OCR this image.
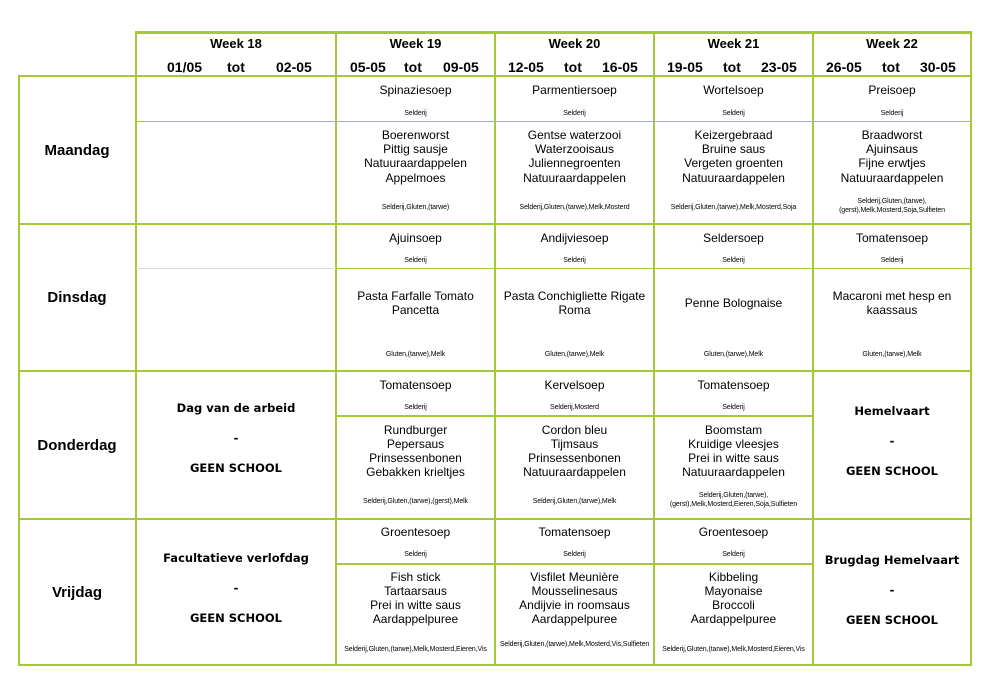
Week 18
01/05 tot 02-05
Week 19
05-05 tot 09-05
Week 20
12-05 tot 16-05
Week 21
19-05 tot 23-05
Week 22
26-05 tot 30-05
Maandag
Dinsdag
Donderdag
Vrijdag
Spinaziesoep
Selderij
Boerenworst
Pittig sausje
Natuuraardappelen
Appelmoes
Selderij,Gluten,(tarwe)
Parmentiersoep
Selderij
Gentse waterzooi
Waterzooisaus
Juliennegroenten
Natuuraardappelen
Selderij,Gluten,(tarwe),Melk,Mosterd
Wortelsoep
Selderij
Keizergebraad
Bruine saus
Vergeten groenten
Natuuraardappelen
Selderij,Gluten,(tarwe),Melk,Mosterd,Soja
Preisoep
Selderij
Braadworst
Ajuinsaus
Fijne erwtjes
Natuuraardappelen
Selderij,Gluten,(tarwe),(gerst),Melk,Mosterd,Soja,Sulfieten
Ajuinsoep
Selderij
Pasta Farfalle Tomato
Pancetta
Gluten,(tarwe),Melk
Andijviesoep
Selderij
Pasta Conchigliette Rigate
Roma
Gluten,(tarwe),Melk
Seldersoep
Selderij
Penne Bolognaise
Gluten,(tarwe),Melk
Tomatensoep
Selderij
Macaroni met hesp en
kaassaus
Gluten,(tarwe),Melk
Dag van de arbeid
-
GEEN SCHOOL
Tomatensoep
Selderij
Rundburger
Pepersaus
Prinsessenbonen
Gebakken krieltjes
Selderij,Gluten,(tarwe),(gerst),Melk
Kervelsoep
Selderij,Mosterd
Cordon bleu
Tijmsaus
Prinsessenbonen
Natuuraardappelen
Selderij,Gluten,(tarwe),Melk
Tomatensoep
Selderij
Boomstam
Kruidige vleesjes
Prei in witte saus
Natuuraardappelen
Selderij,Gluten,(tarwe),(gerst),Melk,Mosterd,Eieren,Soja,Sulfieten
Hemelvaart
-
GEEN SCHOOL
Facultatieve verlofdag
-
GEEN SCHOOL
Groentesoep
Selderij
Fish stick
Tartaarsaus
Prei in witte saus
Aardappelpuree
Selderij,Gluten,(tarwe),Melk,Mosterd,Eieren,Vis
Tomatensoep
Selderij
Visfilet Meunière
Mousselinesaus
Andijvie in roomsaus
Aardappelpuree
Selderij,Gluten,(tarwe),Melk,Mosterd,Vis,Sulfieten
Groentesoep
Selderij
Kibbeling
Mayonaise
Broccoli
Aardappelpuree
Selderij,Gluten,(tarwe),Melk,Mosterd,Eieren,Vis
Brugdag Hemelvaart
-
GEEN SCHOOL
